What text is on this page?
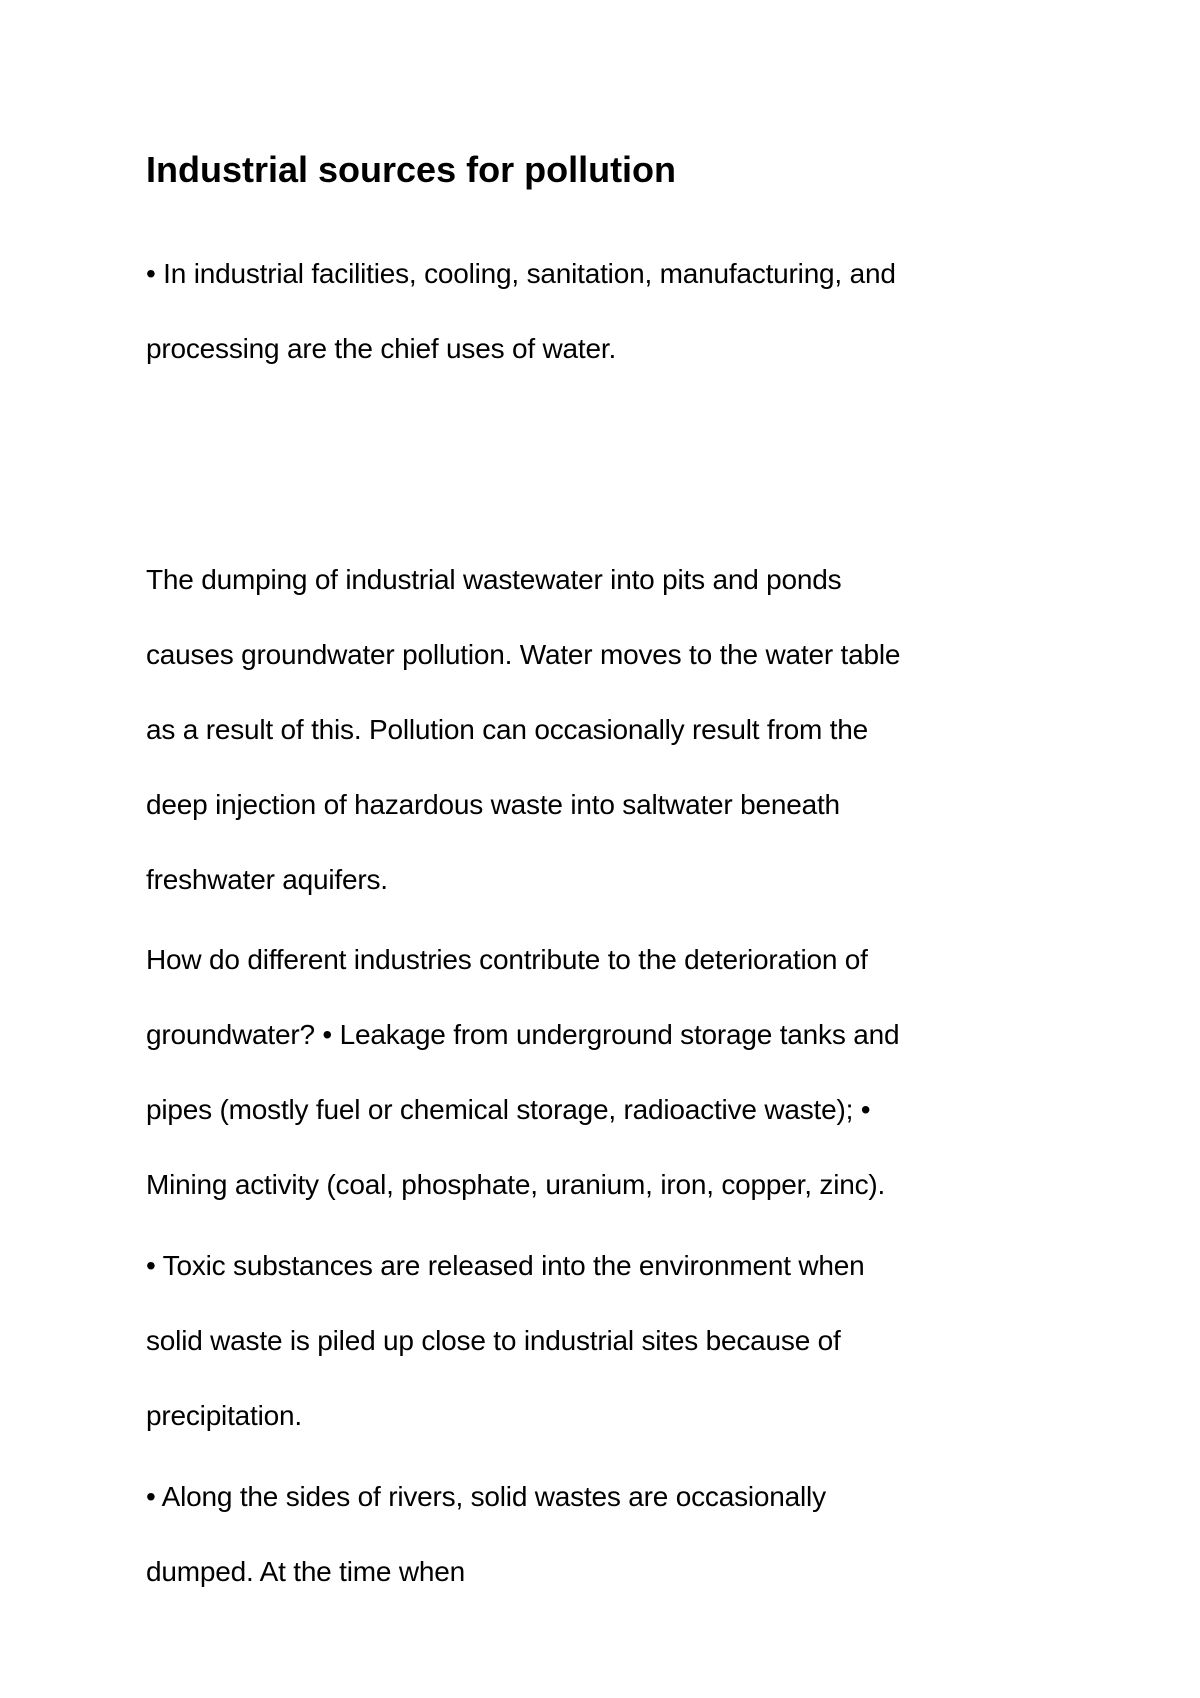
Industrial sources for pollution

• In industrial facilities, cooling, sanitation, manufacturing, and
processing are the chief uses of water.

The dumping of industrial wastewater into pits and ponds
causes groundwater pollution. Water moves to the water table
as a result of this. Pollution can occasionally result from the
deep injection of hazardous waste into saltwater beneath
freshwater aquifers.

How do different industries contribute to the deterioration of
groundwater? • Leakage from underground storage tanks and
pipes (mostly fuel or chemical storage, radioactive waste); •
Mining activity (coal, phosphate, uranium, iron, copper, zinc).

• Toxic substances are released into the environment when
solid waste is piled up close to industrial sites because of
precipitation.

• Along the sides of rivers, solid wastes are occasionally
dumped. At the time when
